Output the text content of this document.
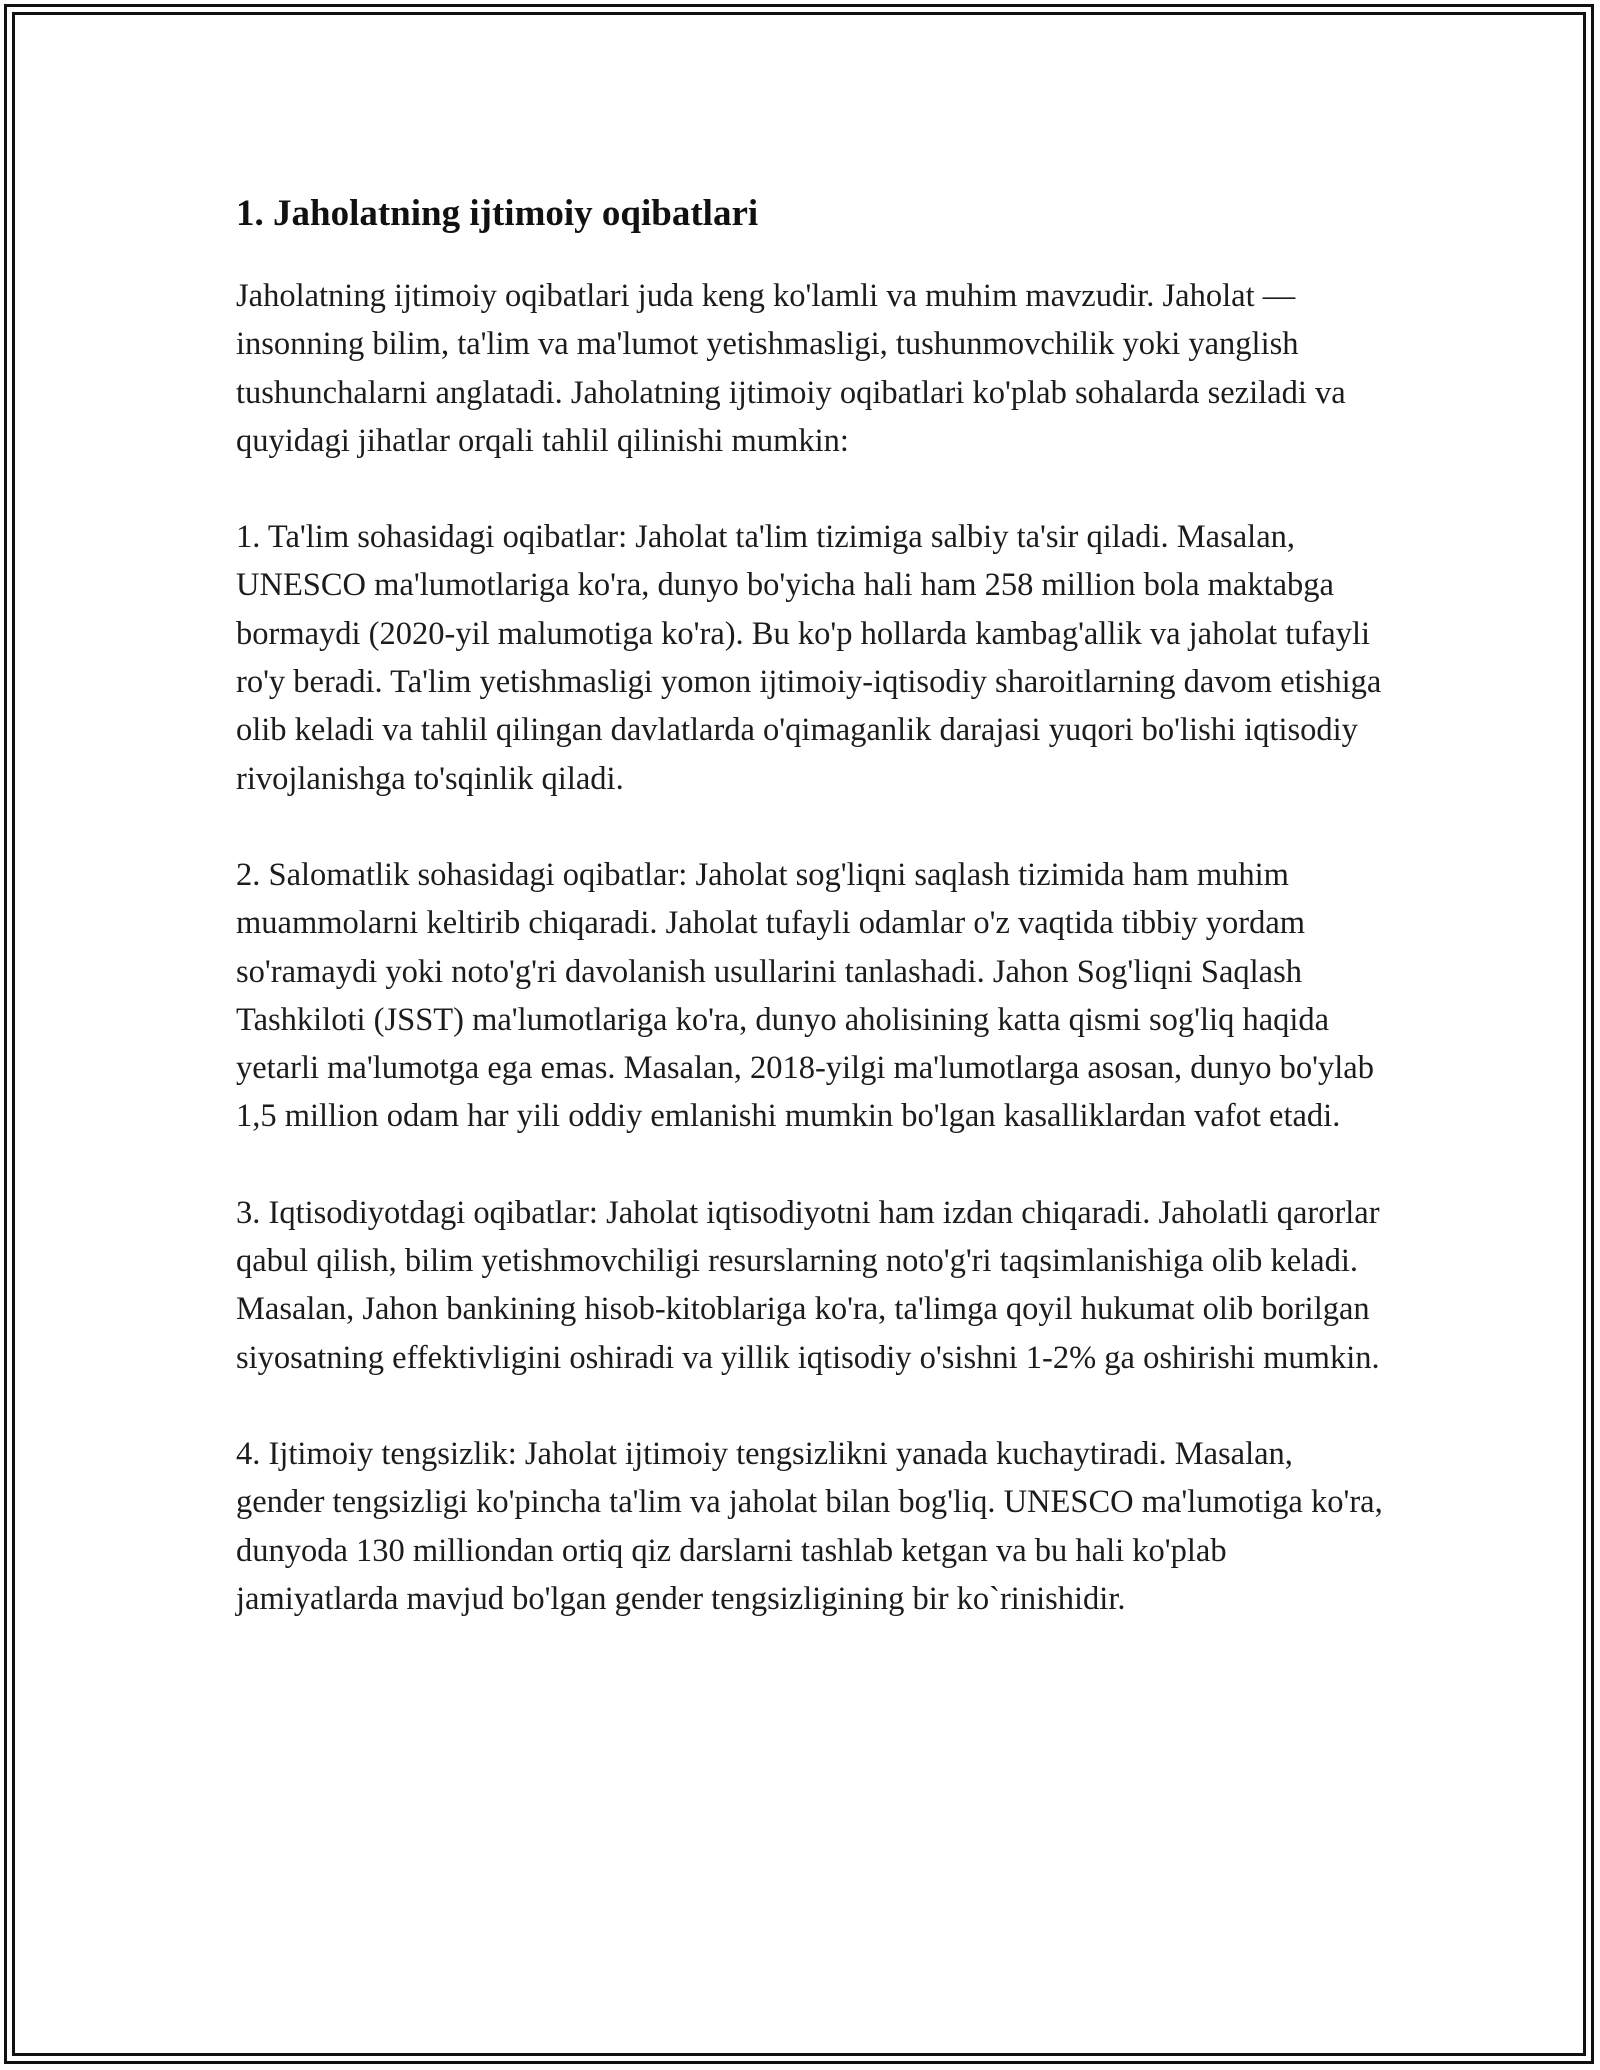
1. Jaholatning ijtimoiy oqibatlari

Jaholatning ijtimoiy oqibatlari juda keng ko'lamli va muhim mavzudir. Jaholat — insonning bilim, ta'lim va ma'lumot yetishmasligi, tushunmovchilik yoki yanglish tushunchalarni anglatadi. Jaholatning ijtimoiy oqibatlari ko'plab sohalarda seziladi va quyidagi jihatlar orqali tahlil qilinishi mumkin:

1. Ta'lim sohasidagi oqibatlar: Jaholat ta'lim tizimiga salbiy ta'sir qiladi. Masalan, UNESCO ma'lumotlariga ko'ra, dunyo bo'yicha hali ham 258 million bola maktabga bormaydi (2020-yil malumotiga ko'ra). Bu ko'p hollarda kambag'allik va jaholat tufayli ro'y beradi. Ta'lim yetishmasligi yomon ijtimoiy-iqtisodiy sharoitlarning davom etishiga olib keladi va tahlil qilingan davlatlarda o'qimaganlik darajasi yuqori bo'lishi iqtisodiy rivojlanishga to'sqinlik qiladi.

2. Salomatlik sohasidagi oqibatlar: Jaholat sog'liqni saqlash tizimida ham muhim muammolarni keltirib chiqaradi. Jaholat tufayli odamlar o'z vaqtida tibbiy yordam so'ramaydi yoki noto'g'ri davolanish usullarini tanlashadi. Jahon Sog'liqni Saqlash Tashkiloti (JSST) ma'lumotlariga ko'ra, dunyo aholisining katta qismi sog'liq haqida yetarli ma'lumotga ega emas. Masalan, 2018-yilgi ma'lumotlarga asosan, dunyo bo'ylab 1,5 million odam har yili oddiy emlanishi mumkin bo'lgan kasalliklardan vafot etadi.

3. Iqtisodiyotdagi oqibatlar: Jaholat iqtisodiyotni ham izdan chiqaradi. Jaholatli qarorlar qabul qilish, bilim yetishmovchiligi resurslarning noto'g'ri taqsimlanishiga olib keladi. Masalan, Jahon bankining hisob-kitoblariga ko'ra, ta'limga qoyil hukumat olib borilgan siyosatning effektivligini oshiradi va yillik iqtisodiy o'sishni 1-2% ga oshirishi mumkin.

4. Ijtimoiy tengsizlik: Jaholat ijtimoiy tengsizlikni yanada kuchaytiradi. Masalan, gender tengsizligi ko'pincha ta'lim va jaholat bilan bog'liq. UNESCO ma'lumotiga ko'ra, dunyoda 130 milliondan ortiq qiz darslarni tashlab ketgan va bu hali ko'plab jamiyatlarda mavjud bo'lgan gender tengsizligining bir ko`rinishidir.
